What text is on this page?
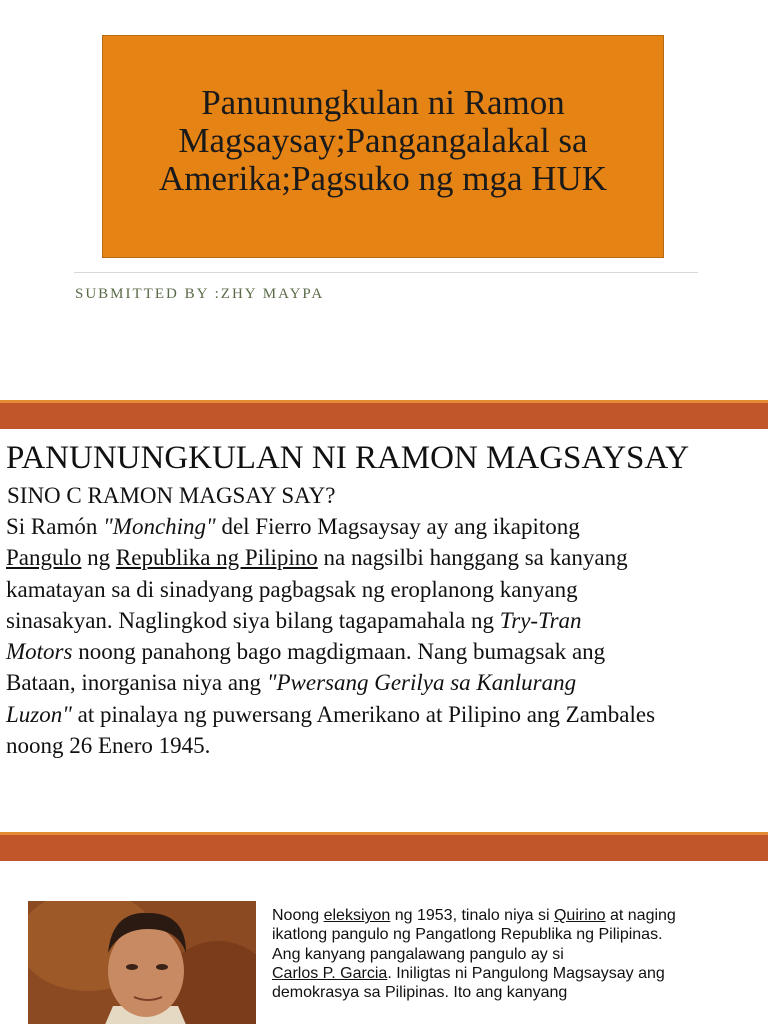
Panunungkulan ni Ramon
Magsaysay;Pangangalakal sa
Amerika;Pagsuko ng mga HUK
SUBMITTED BY :ZHY MAYPA
PANUNUNGKULAN NI RAMON MAGSAYSAY
SINO C RAMON MAGSAY SAY?
Si Ramón "Monching" del Fierro Magsaysay ay ang ikapitong
Pangulo ng Republika ng Pilipino na nagsilbi hanggang sa kanyang
kamatayan sa di sinadyang pagbagsak ng eroplanong kanyang
sinasakyan. Naglingkod siya bilang tagapamahala ng Try-Tran
Motors noong panahong bago magdigmaan. Nang bumagsak ang
Bataan, inorganisa niya ang "Pwersang Gerilya sa Kanlurang
Luzon" at pinalaya ng puwersang Amerikano at Pilipino ang Zambales
noong 26 Enero 1945.
Noong eleksiyon ng 1953, tinalo niya si Quirino at naging
ikatlong pangulo ng Pangatlong Republika ng Pilipinas.
Ang kanyang pangalawang pangulo ay si
Carlos P. Garcia. Iniligtas ni Pangulong Magsaysay ang
demokrasya sa Pilipinas. Ito ang kanyang
